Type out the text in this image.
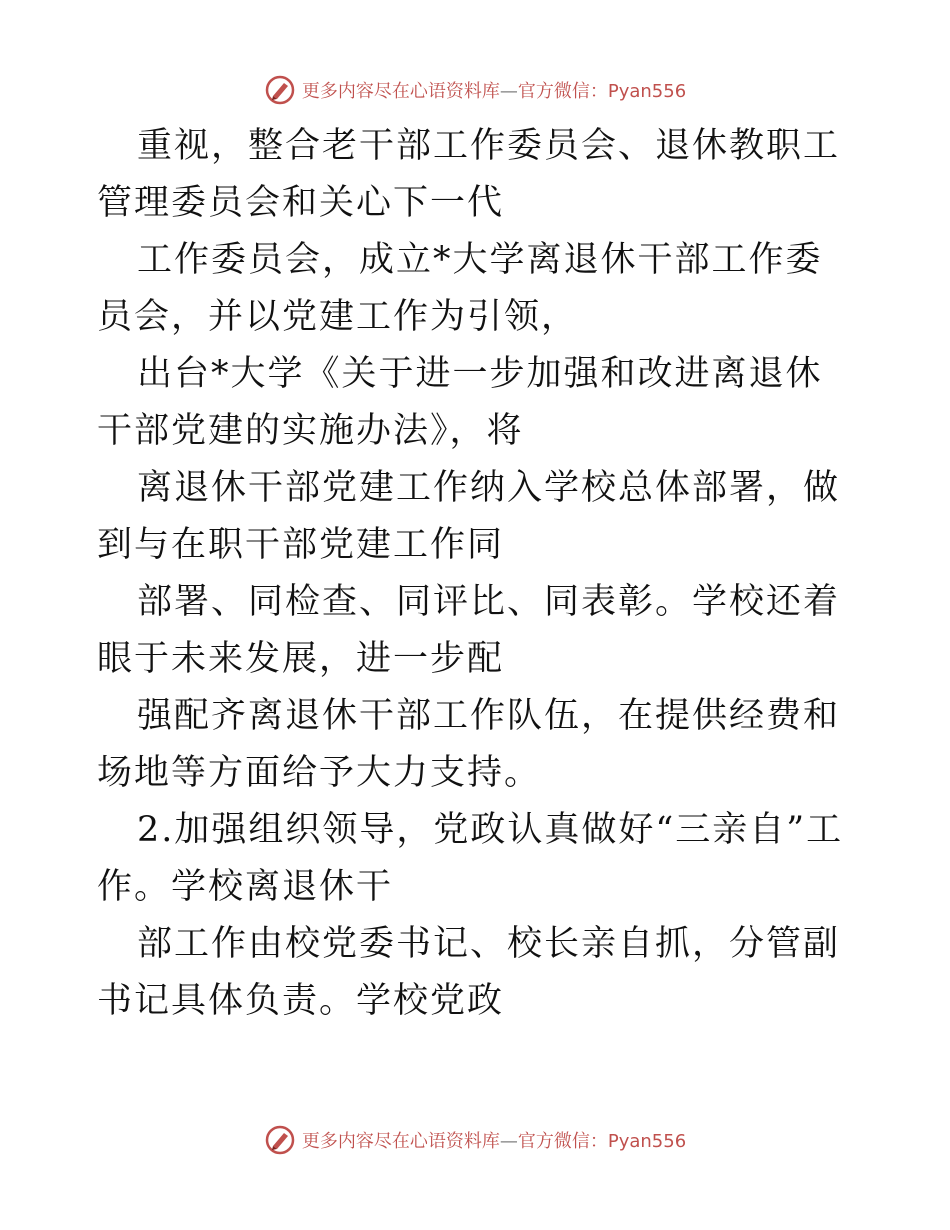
更多内容尽在心语资料库—官方微信：Pyan556

重视，整合老干部工作委员会、退休教职工管理委员会和关心下一代

工作委员会，成立*大学离退休干部工作委员会，并以党建工作为引领，

出台*大学《关于进一步加强和改进离退休干部党建的实施办法》，将

离退休干部党建工作纳入学校总体部署，做到与在职干部党建工作同

部署、同检查、同评比、同表彰。学校还着眼于未来发展，进一步配

强配齐离退休干部工作队伍，在提供经费和场地等方面给予大力支持。

2.加强组织领导，党政认真做好“三亲自”工作。学校离退休干

部工作由校党委书记、校长亲自抓，分管副书记具体负责。学校党政

更多内容尽在心语资料库—官方微信：Pyan556
